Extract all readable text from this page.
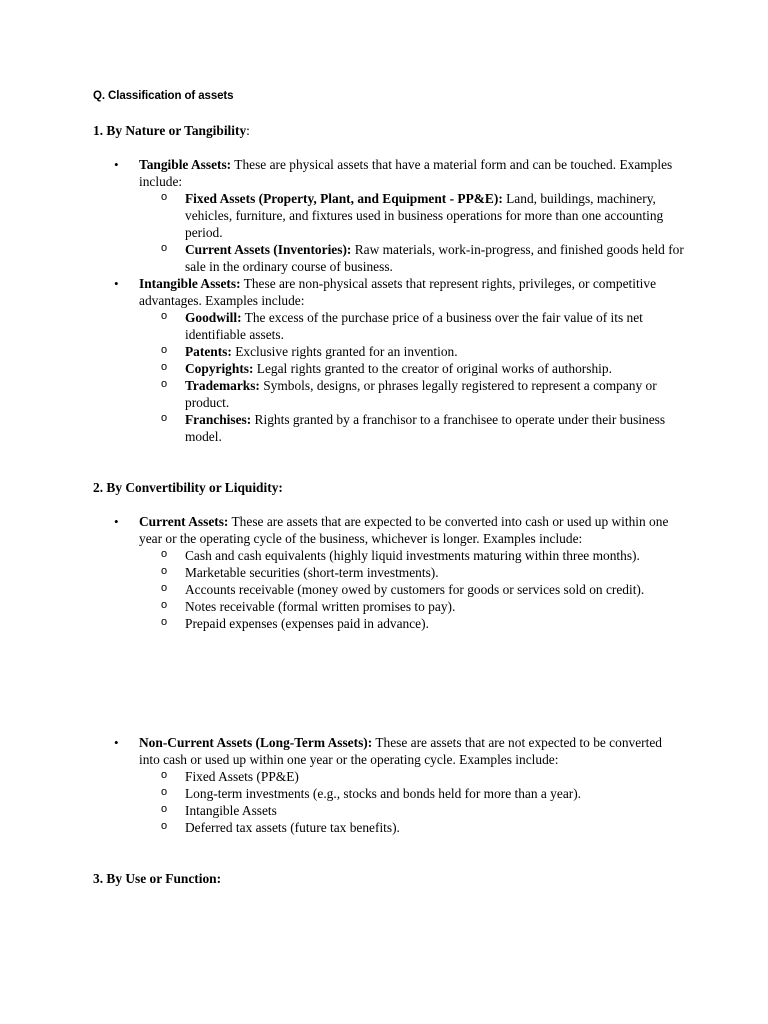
Q. Classification of assets
1. By Nature or Tangibility:
• Tangible Assets: These are physical assets that have a material form and can be touched. Examples include:
o Fixed Assets (Property, Plant, and Equipment - PP&E): Land, buildings, machinery, vehicles, furniture, and fixtures used in business operations for more than one accounting period.
o Current Assets (Inventories): Raw materials, work-in-progress, and finished goods held for sale in the ordinary course of business.
• Intangible Assets: These are non-physical assets that represent rights, privileges, or competitive advantages. Examples include:
o Goodwill: The excess of the purchase price of a business over the fair value of its net identifiable assets.
o Patents: Exclusive rights granted for an invention.
o Copyrights: Legal rights granted to the creator of original works of authorship.
o Trademarks: Symbols, designs, or phrases legally registered to represent a company or product.
o Franchises: Rights granted by a franchisor to a franchisee to operate under their business model.
2. By Convertibility or Liquidity:
• Current Assets: These are assets that are expected to be converted into cash or used up within one year or the operating cycle of the business, whichever is longer. Examples include:
o Cash and cash equivalents (highly liquid investments maturing within three months).
o Marketable securities (short-term investments).
o Accounts receivable (money owed by customers for goods or services sold on credit).
o Notes receivable (formal written promises to pay).
o Prepaid expenses (expenses paid in advance).
• Non-Current Assets (Long-Term Assets): These are assets that are not expected to be converted into cash or used up within one year or the operating cycle. Examples include:
o Fixed Assets (PP&E)
o Long-term investments (e.g., stocks and bonds held for more than a year).
o Intangible Assets
o Deferred tax assets (future tax benefits).
3. By Use or Function:
